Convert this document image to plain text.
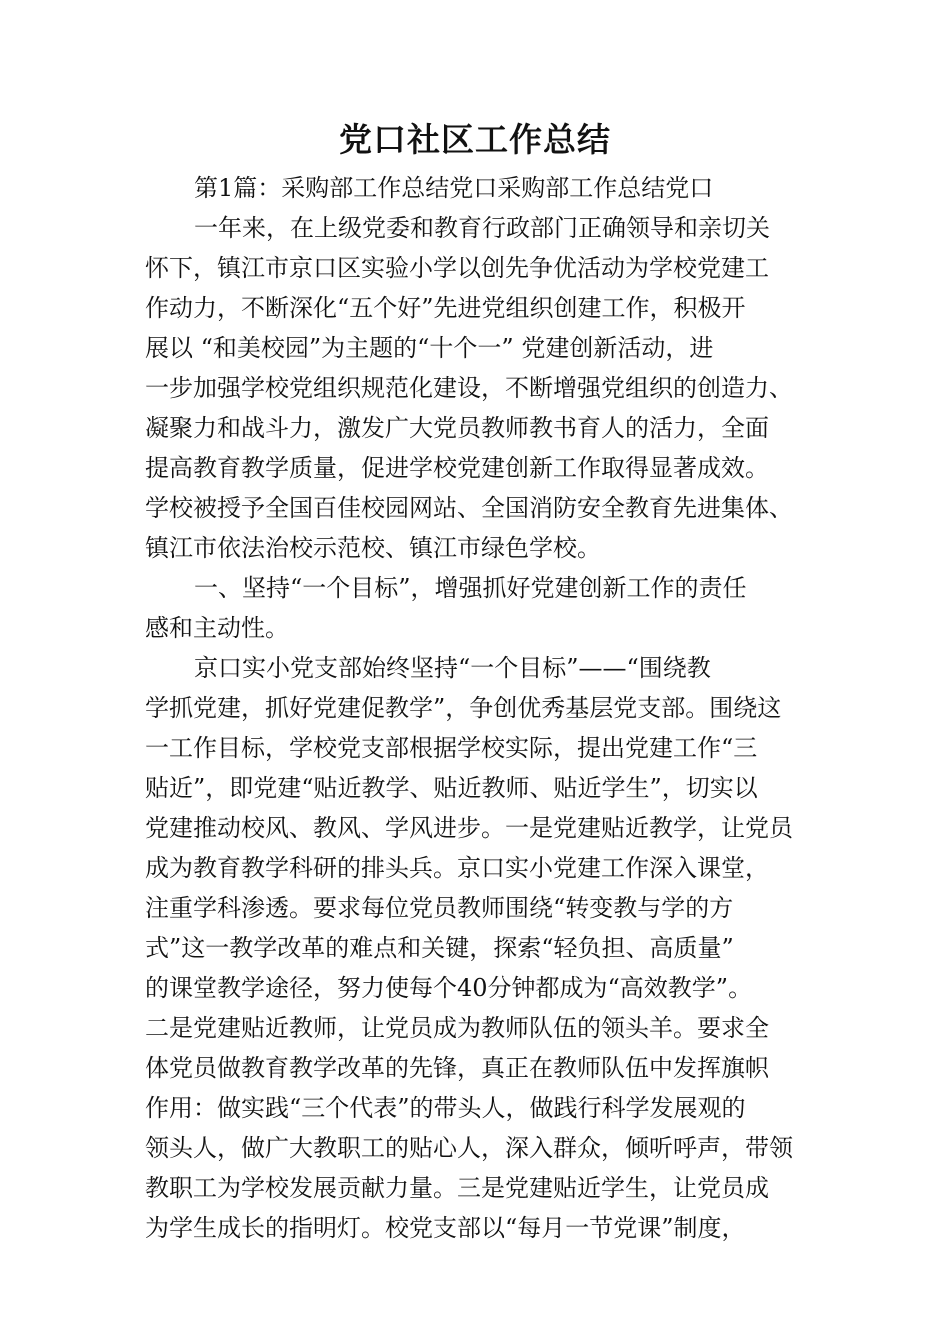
党口社区工作总结
第1篇：采购部工作总结党口采购部工作总结党口
一年来，在上级党委和教育行政部门正确领导和亲切关
怀下，镇江市京口区实验小学以创先争优活动为学校党建工
作动力，不断深化“五个好”先进党组织创建工作，积极开
展以 “和美校园”为主题的“十个一” 党建创新活动，进
一步加强学校党组织规范化建设，不断增强党组织的创造力、
凝聚力和战斗力，激发广大党员教师教书育人的活力，全面
提高教育教学质量，促进学校党建创新工作取得显著成效。
学校被授予全国百佳校园网站、全国消防安全教育先进集体、
镇江市依法治校示范校、镇江市绿色学校。
一、坚持“一个目标”，增强抓好党建创新工作的责任
感和主动性。
京口实小党支部始终坚持“一个目标”——“围绕教
学抓党建，抓好党建促教学”，争创优秀基层党支部。围绕这
一工作目标，学校党支部根据学校实际，提出党建工作“三
贴近”，即党建“贴近教学、贴近教师、贴近学生”，切实以
党建推动校风、教风、学风进步。一是党建贴近教学，让党员
成为教育教学科研的排头兵。京口实小党建工作深入课堂，
注重学科渗透。要求每位党员教师围绕“转变教与学的方
式”这一教学改革的难点和关键，探索“轻负担、高质量”
的课堂教学途径，努力使每个40分钟都成为“高效教学”。
二是党建贴近教师，让党员成为教师队伍的领头羊。要求全
体党员做教育教学改革的先锋，真正在教师队伍中发挥旗帜
作用：做实践“三个代表”的带头人，做践行科学发展观的
领头人，做广大教职工的贴心人，深入群众，倾听呼声，带领
教职工为学校发展贡献力量。三是党建贴近学生，让党员成
为学生成长的指明灯。校党支部以“每月一节党课”制度，
